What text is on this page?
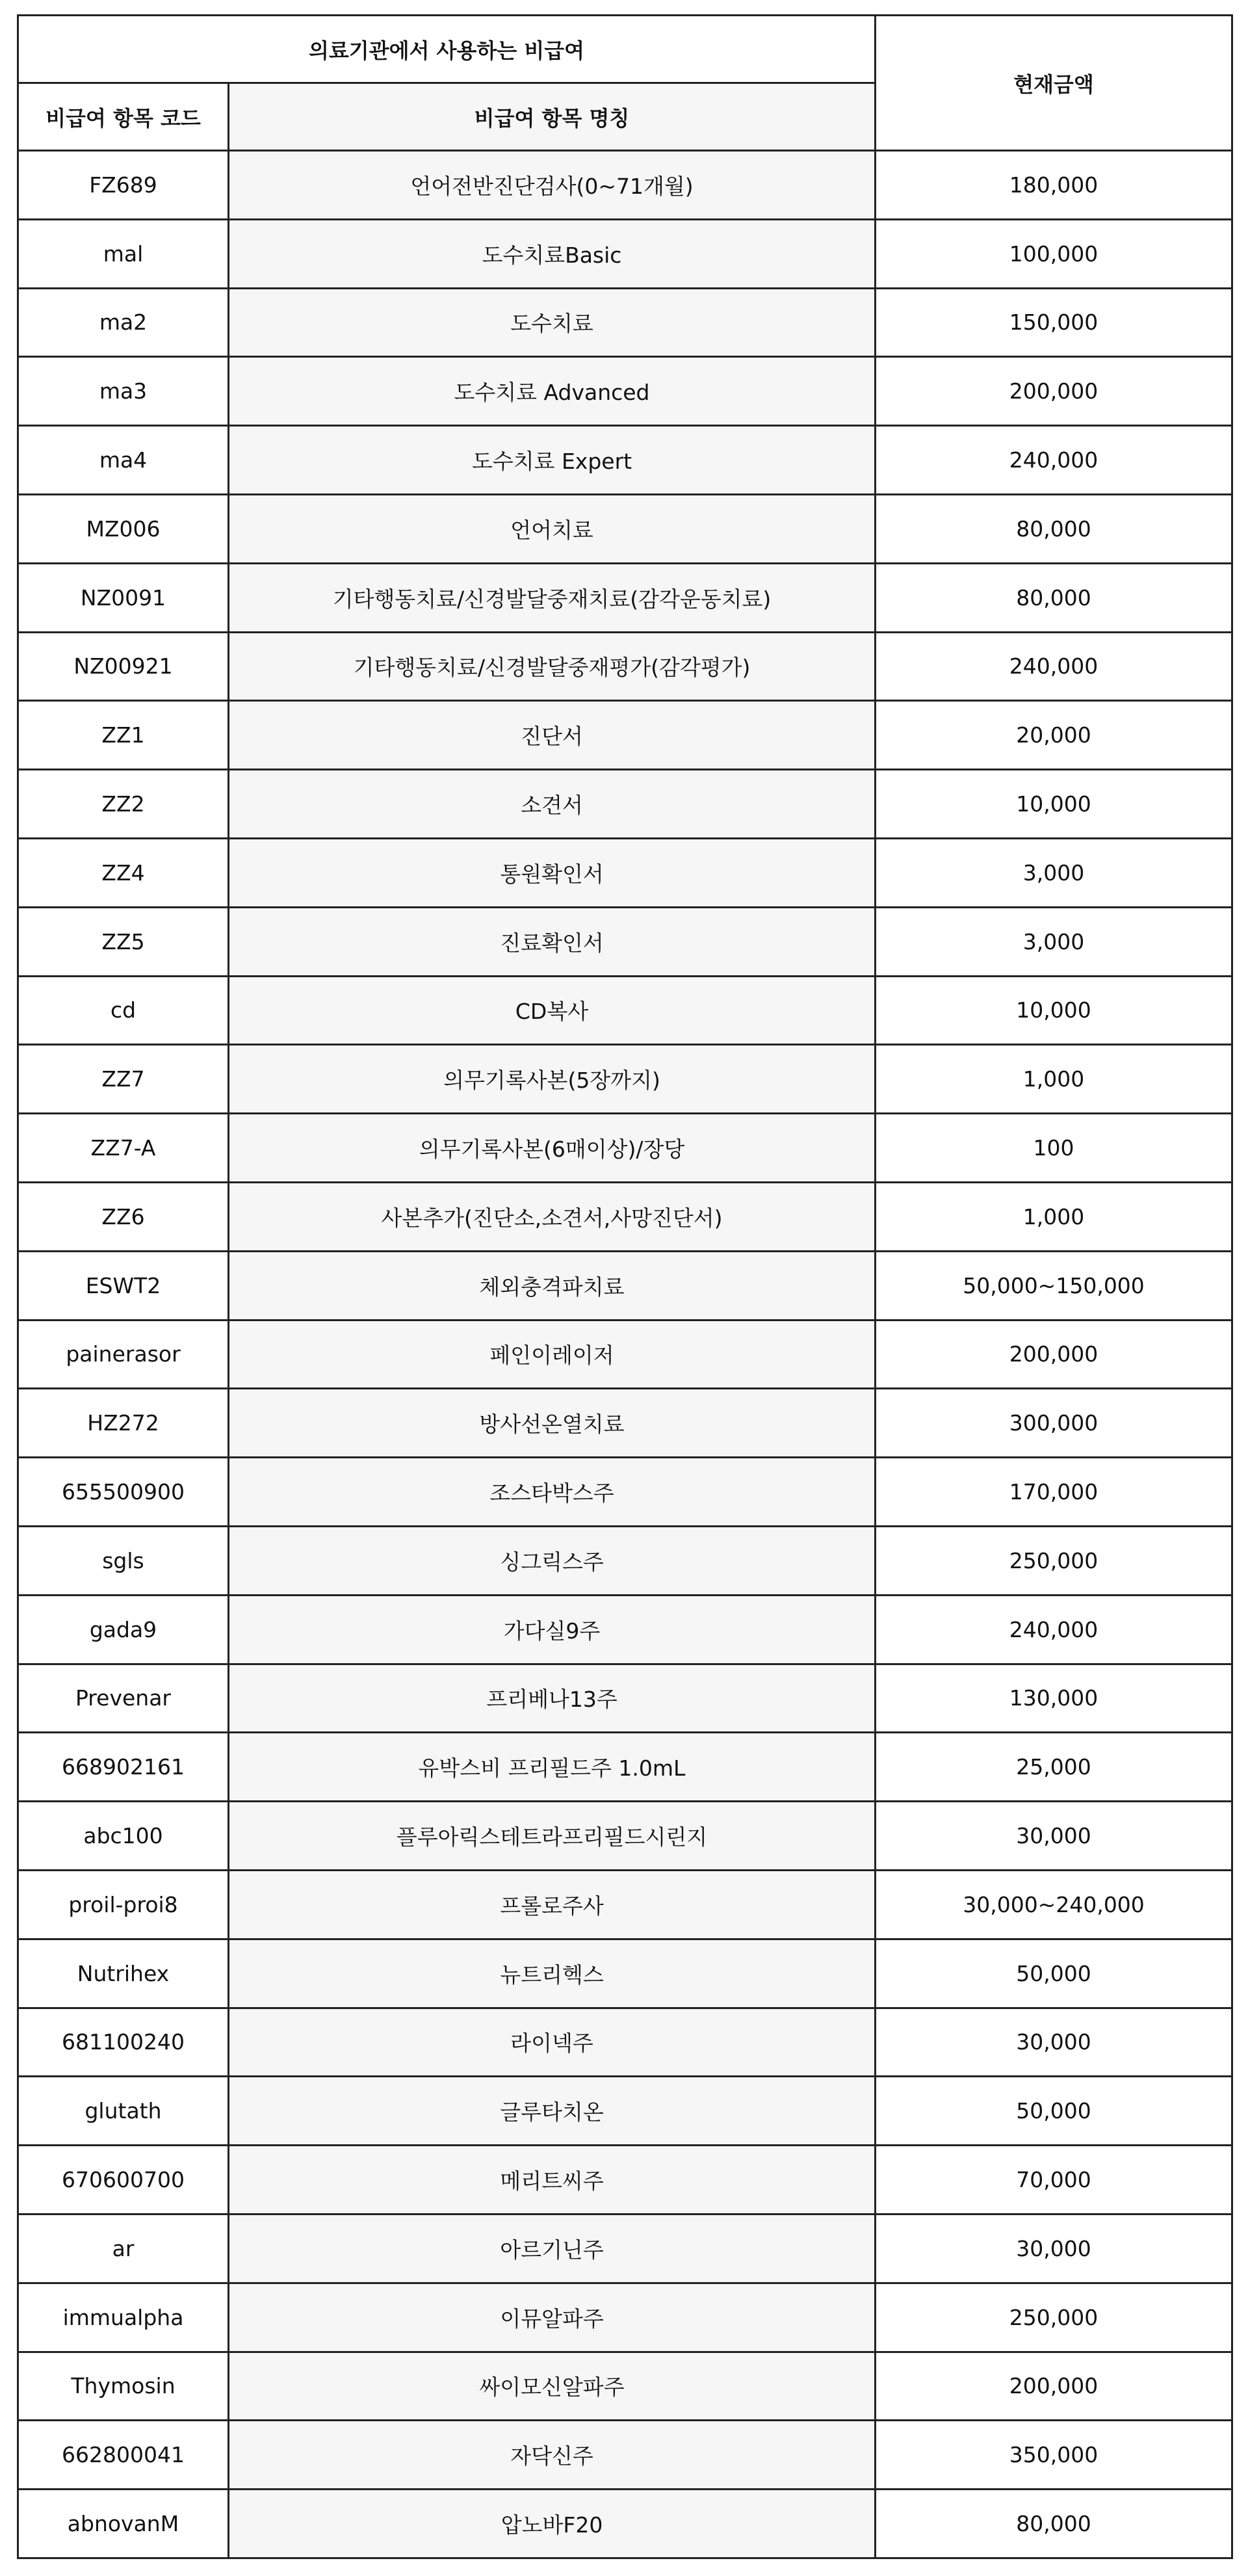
의료기관에서 사용하는 비급여		현재금액
비급여 항목 코드	비급여 항목 명칭	
FZ689	언어전반진단검사(0~71개월)	180,000
mal	도수치료Basic	100,000
ma2	도수치료	150,000
ma3	도수치료 Advanced	200,000
ma4	도수치료 Expert	240,000
MZ006	언어치료	80,000
NZ0091	기타행동치료/신경발달중재치료(감각운동치료)	80,000
NZ00921	기타행동치료/신경발달중재평가(감각평가)	240,000
ZZ1	진단서	20,000
ZZ2	소견서	10,000
ZZ4	통원확인서	3,000
ZZ5	진료확인서	3,000
cd	CD복사	10,000
ZZ7	의무기록사본(5장까지)	1,000
ZZ7-A	의무기록사본(6매이상)/장당	100
ZZ6	사본추가(진단소,소견서,사망진단서)	1,000
ESWT2	체외충격파치료	50,000~150,000
painerasor	페인이레이저	200,000
HZ272	방사선온열치료	300,000
655500900	조스타박스주	170,000
sgls	싱그릭스주	250,000
gada9	가다실9주	240,000
Prevenar	프리베나13주	130,000
668902161	유박스비 프리필드주 1.0mL	25,000
abc100	플루아릭스테트라프리필드시린지	30,000
proil-proi8	프롤로주사	30,000~240,000
Nutrihex	뉴트리헥스	50,000
681100240	라이넥주	30,000
glutath	글루타치온	50,000
670600700	메리트씨주	70,000
ar	아르기닌주	30,000
immualpha	이뮤알파주	250,000
Thymosin	싸이모신알파주	200,000
662800041	자닥신주	350,000
abnovanM	압노바F20	80,000
